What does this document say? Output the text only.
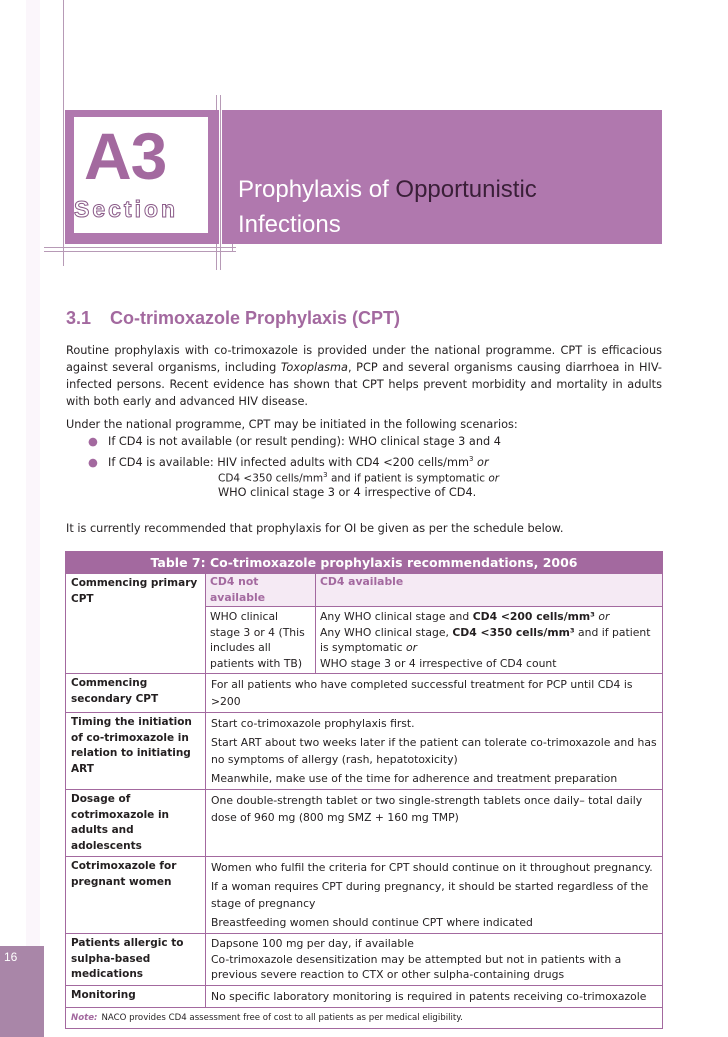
16
A3
Section
Prophylaxis of Opportunistic
Infections
3.1 Co-trimoxazole Prophylaxis (CPT)
Routine prophylaxis with co-trimoxazole is provided under the national programme. CPT is efficacious against several organisms, including Toxoplasma, PCP and several organisms causing diarrhoea in HIV-infected persons. Recent evidence has shown that CPT helps prevent morbidity and mortality in adults with both early and advanced HIV disease.
Under the national programme, CPT may be initiated in the following scenarios:
● If CD4 is not available (or result pending): WHO clinical stage 3 and 4
● If CD4 is available: HIV infected adults with CD4 <200 cells/$mm^3$ or
CD4 <350 cells/$mm^3$ and if patient is symptomatic or
WHO clinical stage 3 or 4 irrespective of CD4.
It is currently recommended that prophylaxis for OI be given as per the schedule below.
Table 7: Co-trimoxazole prophylaxis recommendations, 2006
Commencing primary CPT
CD4 not available
CD4 available
WHO clinical stage 3 or 4 (This includes all patients with TB)
Any WHO clinical stage and CD4 <200 cells/mm³ or
Any WHO clinical stage, CD4 <350 cells/mm³ and if patient is symptomatic or
WHO stage 3 or 4 irrespective of CD4 count
Commencing secondary CPT
For all patients who have completed successful treatment for PCP until CD4 is >200
Timing the initiation of co-trimoxazole in relation to initiating ART
Start co-trimoxazole prophylaxis first.
Start ART about two weeks later if the patient can tolerate co-trimoxazole and has no symptoms of allergy (rash, hepatotoxicity)
Meanwhile, make use of the time for adherence and treatment preparation
Dosage of cotrimoxazole in adults and adolescents
One double-strength tablet or two single-strength tablets once daily– total daily dose of 960 mg (800 mg SMZ + 160 mg TMP)
Cotrimoxazole for pregnant women
Women who fulfil the criteria for CPT should continue on it throughout pregnancy.
If a woman requires CPT during pregnancy, it should be started regardless of the stage of pregnancy
Breastfeeding women should continue CPT where indicated
Patients allergic to sulpha-based medications
Dapsone 100 mg per day, if available
Co-trimoxazole desensitization may be attempted but not in patients with a previous severe reaction to CTX or other sulpha-containing drugs
Monitoring	No specific laboratory monitoring is required in patents receiving co-trimoxazole
Note: NACO provides CD4 assessment free of cost to all patients as per medical eligibility.
